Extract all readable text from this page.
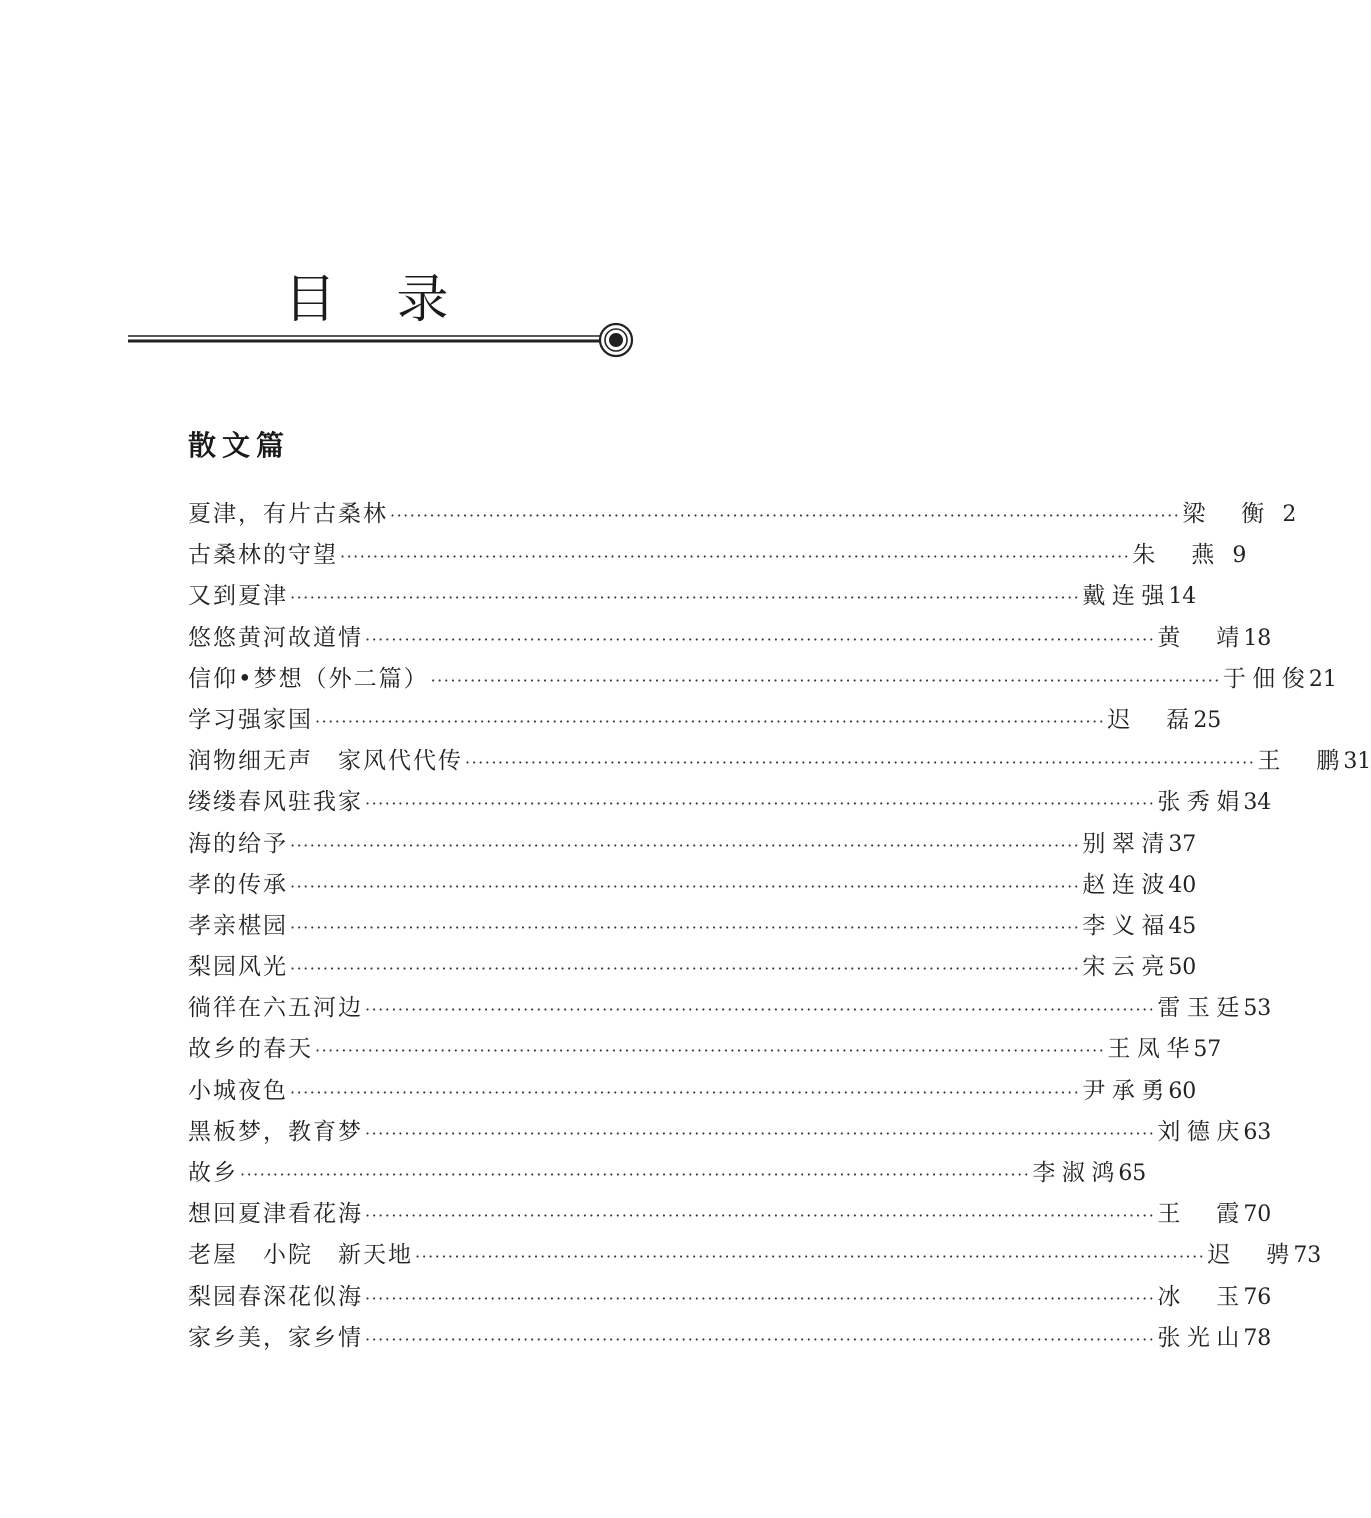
目 录
散文篇
夏津，有片古桑林 ························································································································ 梁 衡 2
古桑林的守望 ························································································································ 朱 燕 9
又到夏津 ························································································································ 戴连强 14
悠悠黄河故道情 ························································································································ 黄 靖 18
信仰•梦想（外二篇） ························································································································ 于佃俊 21
学习强家国 ························································································································ 迟 磊 25
润物细无声　家风代代传 ························································································································ 王 鹏 31
缕缕春风驻我家 ························································································································ 张秀娟 34
海的给予 ························································································································ 别翠清 37
孝的传承 ························································································································ 赵连波 40
孝亲椹园 ························································································································ 李义福 45
梨园风光 ························································································································ 宋云亮 50
徜徉在六五河边 ························································································································ 雷玉廷 53
故乡的春天 ························································································································ 王凤华 57
小城夜色 ························································································································ 尹承勇 60
黑板梦，教育梦 ························································································································ 刘德庆 63
故乡 ························································································································ 李淑鸿 65
想回夏津看花海 ························································································································ 王 霞 70
老屋　小院　新天地 ························································································································ 迟 骋 73
梨园春深花似海 ························································································································ 冰 玉 76
家乡美，家乡情 ························································································································ 张光山 78
